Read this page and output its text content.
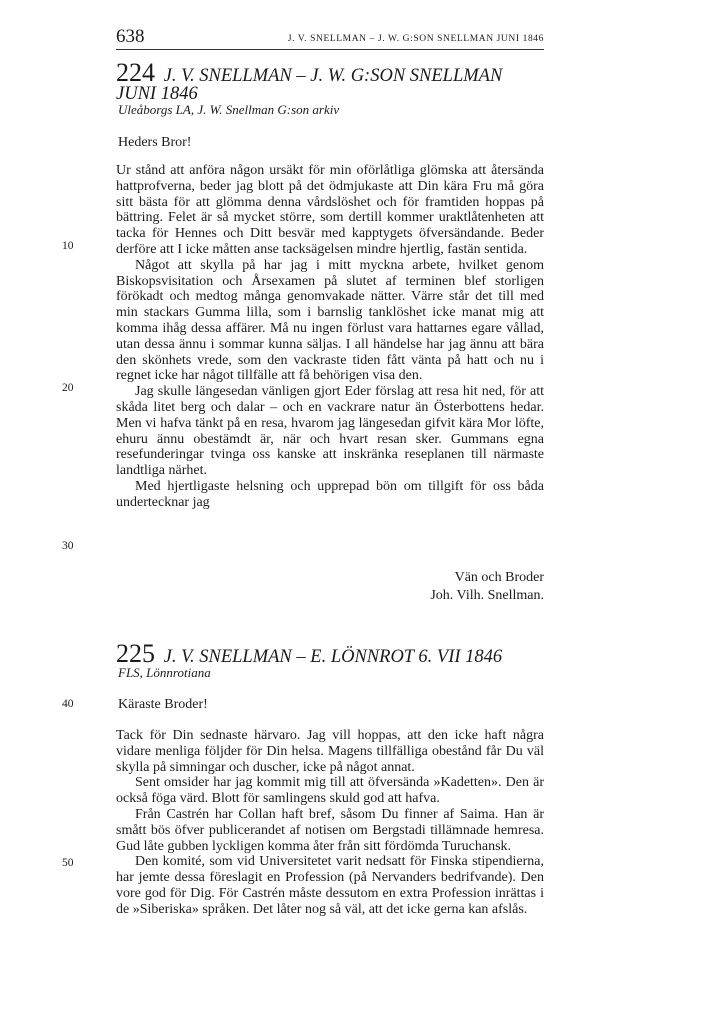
638	J. V. SNELLMAN – J. W. G:SON SNELLMAN JUNI 1846
224 J. V. SNELLMAN – J. W. G:SON SNELLMAN
JUNI 1846

Uleåborgs LA, J. W. Snellman G:son arkiv

Heders Bror!

Ur stånd att anföra någon ursäkt för min oförlåtliga glömska att återsända hattprofverna, beder jag blott på det ödmjukaste att Din kära Fru må göra sitt bästa för att glömma denna vårdslöshet och för framtiden hoppas på bättring. Felet är så mycket större, som dertill kommer uraktlåtenheten att tacka för Hennes och Ditt besvär med kapptygets öfversändande. Beder derföre att I icke måtten anse tacksägelsen mindre hjertlig, fastän sentida.

Något att skylla på har jag i mitt myckna arbete, hvilket genom Biskopsvisitation och Årsexamen på slutet af terminen blef storligen förökadt och medtog många genomvakade nätter. Värre står det till med min stackars Gumma lilla, som i barnslig tanklöshet icke manat mig att komma ihåg dessa affärer. Må nu ingen förlust vara hattarnes egare vållad, utan dessa ännu i sommar kunna säljas. I all händelse har jag ännu att bära den skönhets vrede, som den vackraste tiden fått vänta på hatt och nu i regnet icke har något tillfälle att få behörigen visa den.

Jag skulle längesedan vänligen gjort Eder förslag att resa hit ned, för att skåda litet berg och dalar – och en vackrare natur än Österbottens hedar. Men vi hafva tänkt på en resa, hvarom jag längesedan gifvit kära Mor löfte, ehuru ännu obestämdt är, när och hvart resan sker. Gummans egna resefunderingar tvinga oss kanske att inskränka reseplanen till närmaste landtliga närhet.

Med hjertligaste helsning och upprepad bön om tillgift för oss båda undertecknar jag

Vän och Broder
Joh. Vilh. Snellman.
225 J. V. SNELLMAN – E. LÖNNROT 6. VII 1846

FLS, Lönnrotiana

Käraste Broder!

Tack för Din sednaste härvaro. Jag vill hoppas, att den icke haft några vidare menliga följder för Din helsa. Magens tillfälliga obestånd får Du väl skylla på simningar och duscher, icke på något annat.

Sent omsider har jag kommit mig till att öfversända »Kadetten». Den är också föga värd. Blott för samlingens skuld god att hafva.

Från Castrén har Collan haft bref, såsom Du finner af Saima. Han är smått bös öfver publicerandet af notisen om Bergstadi tillämnade hemresa. Gud låte gubben lyckligen komma åter från sitt fördömda Turuchansk.

Den komité, som vid Universitetet varit nedsatt för Finska stipendierna, har jemte dessa föreslagit en Profession (på Nervanders bedrifvande). Den vore god för Dig. För Castrén måste dessutom en extra Profession inrättas i de »Siberiska» språken. Det låter nog så väl, att det icke gerna kan afslås.

10
20
30
40
50
